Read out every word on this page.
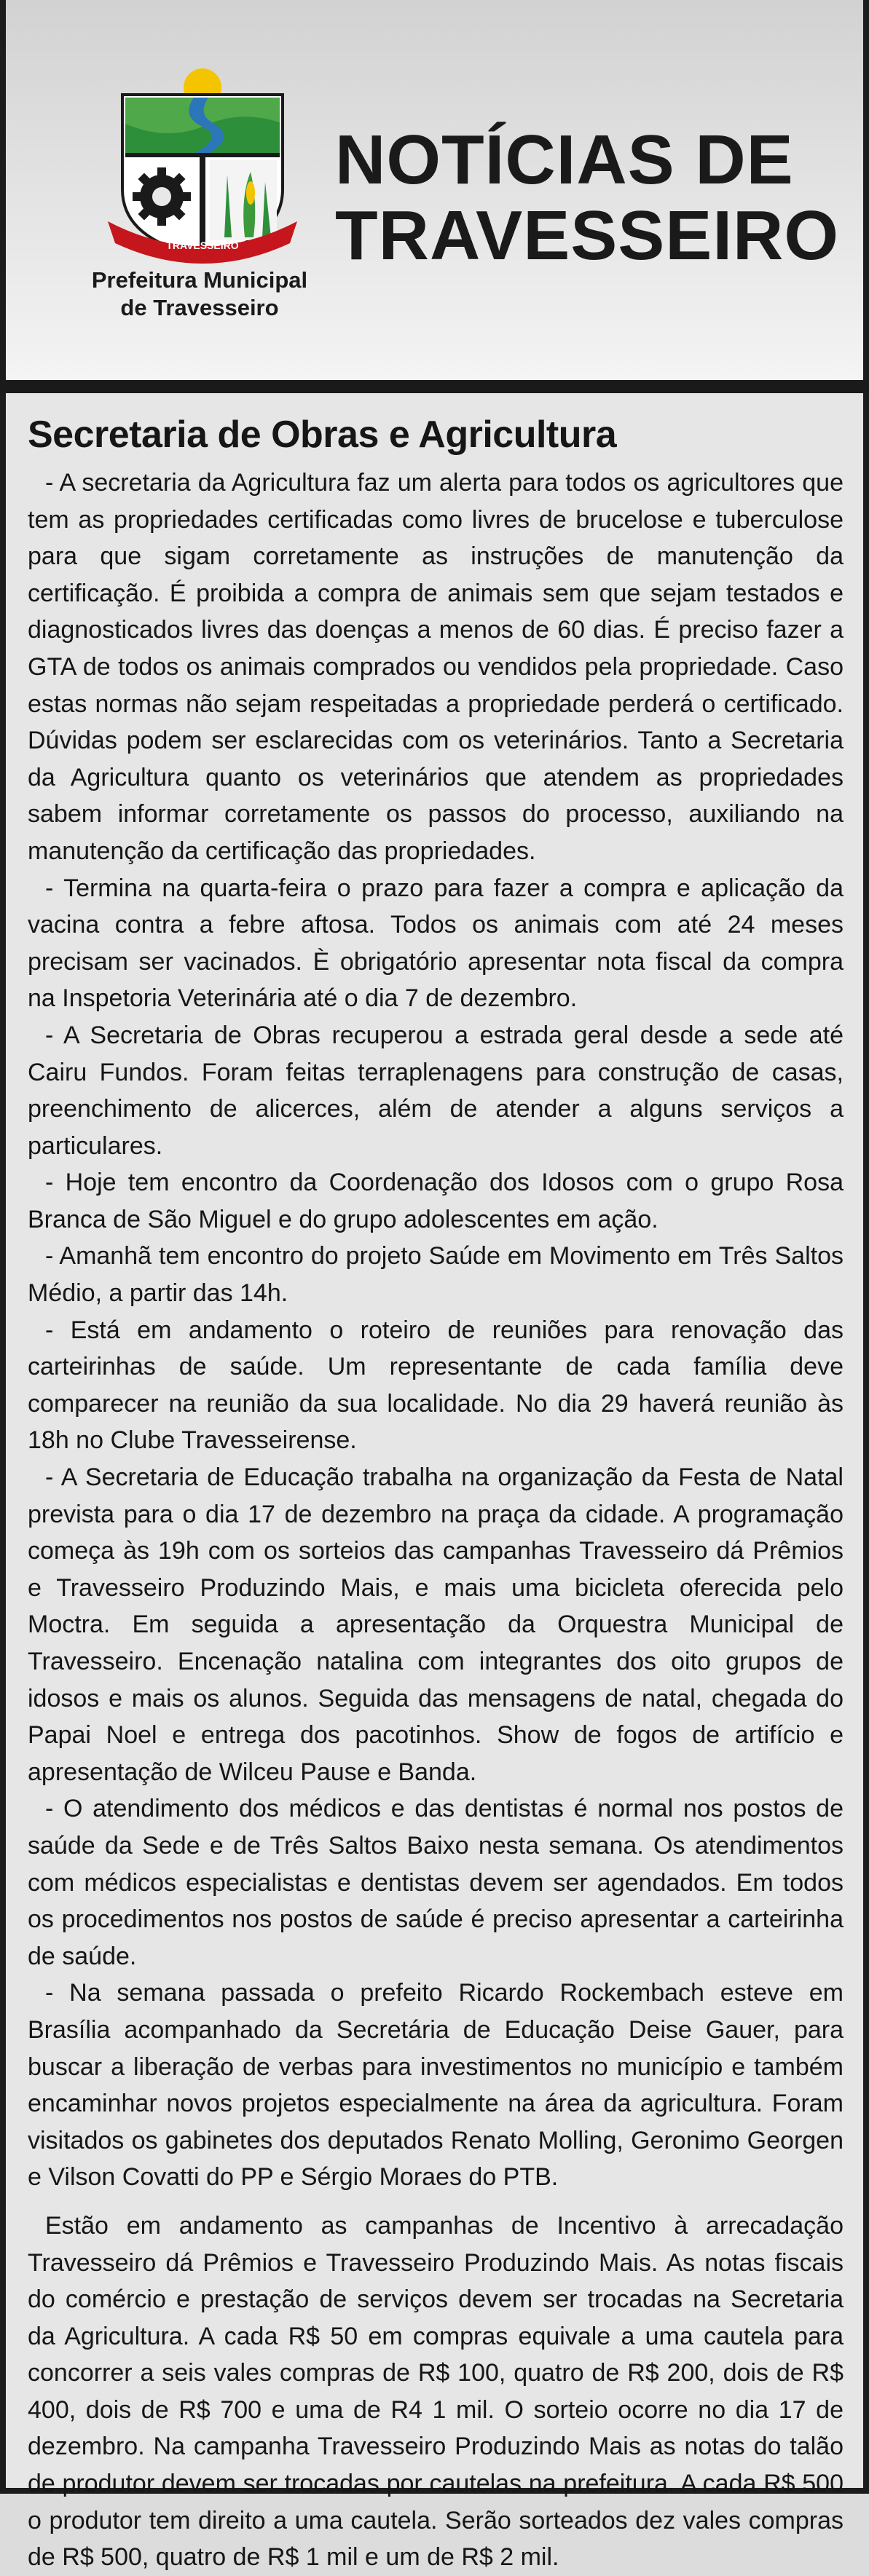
TRAVESSEIRO
Prefeitura Municipal
de Travesseiro
NOTÍCIAS DE
TRAVESSEIRO
Secretaria de Obras e Agricultura

- A secretaria da Agricultura faz um alerta para todos os agricultores que tem as propriedades certificadas como livres de brucelose e tuberculose para que sigam corretamente as instruções de manutenção da certificação. É proibida a compra de animais sem que sejam testados e diagnosticados livres das doenças a menos de 60 dias. É preciso fazer a GTA de todos os animais comprados ou vendidos pela propriedade. Caso estas normas não sejam respeitadas a propriedade perderá o certificado. Dúvidas podem ser esclarecidas com os veterinários. Tanto a Secretaria da Agricultura quanto os veterinários que atendem as propriedades sabem informar corretamente os passos do processo, auxiliando na manutenção da certificação das propriedades.

- Termina na quarta-feira o prazo para fazer a compra e aplicação da vacina contra a febre aftosa. Todos os animais com até 24 meses precisam ser vacinados. È obrigatório apresentar nota fiscal da compra na Inspetoria Veterinária até o dia 7 de dezembro.

- A Secretaria de Obras recuperou a estrada geral desde a sede até Cairu Fundos. Foram feitas terraplenagens para construção de casas, preenchimento de alicerces, além de atender a alguns serviços a particulares.

- Hoje tem encontro da Coordenação dos Idosos com o grupo Rosa Branca de São Miguel e do grupo adolescentes em ação.

- Amanhã tem encontro do projeto Saúde em Movimento em Três Saltos Médio, a partir das 14h.

- Está em andamento o roteiro de reuniões para renovação das carteirinhas de saúde. Um representante de cada família deve comparecer na reunião da sua localidade. No dia 29 haverá reunião às 18h no Clube Travesseirense.

- A Secretaria de Educação trabalha na organização da Festa de Natal prevista para o dia 17 de dezembro na praça da cidade. A programação começa às 19h com os sorteios das campanhas Travesseiro dá Prêmios e Travesseiro Produzindo Mais, e mais uma bicicleta oferecida pelo Moctra. Em seguida a apresentação da Orquestra Municipal de Travesseiro. Encenação natalina com integrantes dos oito grupos de idosos e mais os alunos. Seguida das mensagens de natal, chegada do Papai Noel e entrega dos pacotinhos. Show de fogos de artifício e apresentação de Wilceu Pause e Banda.

- O atendimento dos médicos e das dentistas é normal nos postos de saúde da Sede e de Três Saltos Baixo nesta semana. Os atendimentos com médicos especialistas e dentistas devem ser agendados. Em todos os procedimentos nos postos de saúde é preciso apresentar a carteirinha de saúde.

- Na semana passada o prefeito Ricardo Rockembach esteve em Brasília acompanhado da Secretária de Educação Deise Gauer, para buscar a liberação de verbas para investimentos no município e também encaminhar novos projetos especialmente na área da agricultura. Foram visitados os gabinetes dos deputados Renato Molling, Geronimo Georgen e Vilson Covatti do PP e Sérgio Moraes do PTB.

Estão em andamento as campanhas de Incentivo à arrecadação Travesseiro dá Prêmios e Travesseiro Produzindo Mais. As notas fiscais do comércio e prestação de serviços devem ser trocadas na Secretaria da Agricultura. A cada R$ 50 em compras equivale a uma cautela para concorrer a seis vales compras de R$ 100, quatro de R$ 200, dois de R$ 400, dois de R$ 700 e uma de R4 1 mil. O sorteio ocorre no dia 17 de dezembro. Na campanha Travesseiro Produzindo Mais as notas do talão de produtor devem ser trocadas por cautelas na prefeitura. A cada R$ 500 o produtor tem direito a uma cautela. Serão sorteados dez vales compras de R$ 500, quatro de R$ 1 mil e um de R$ 2 mil.
